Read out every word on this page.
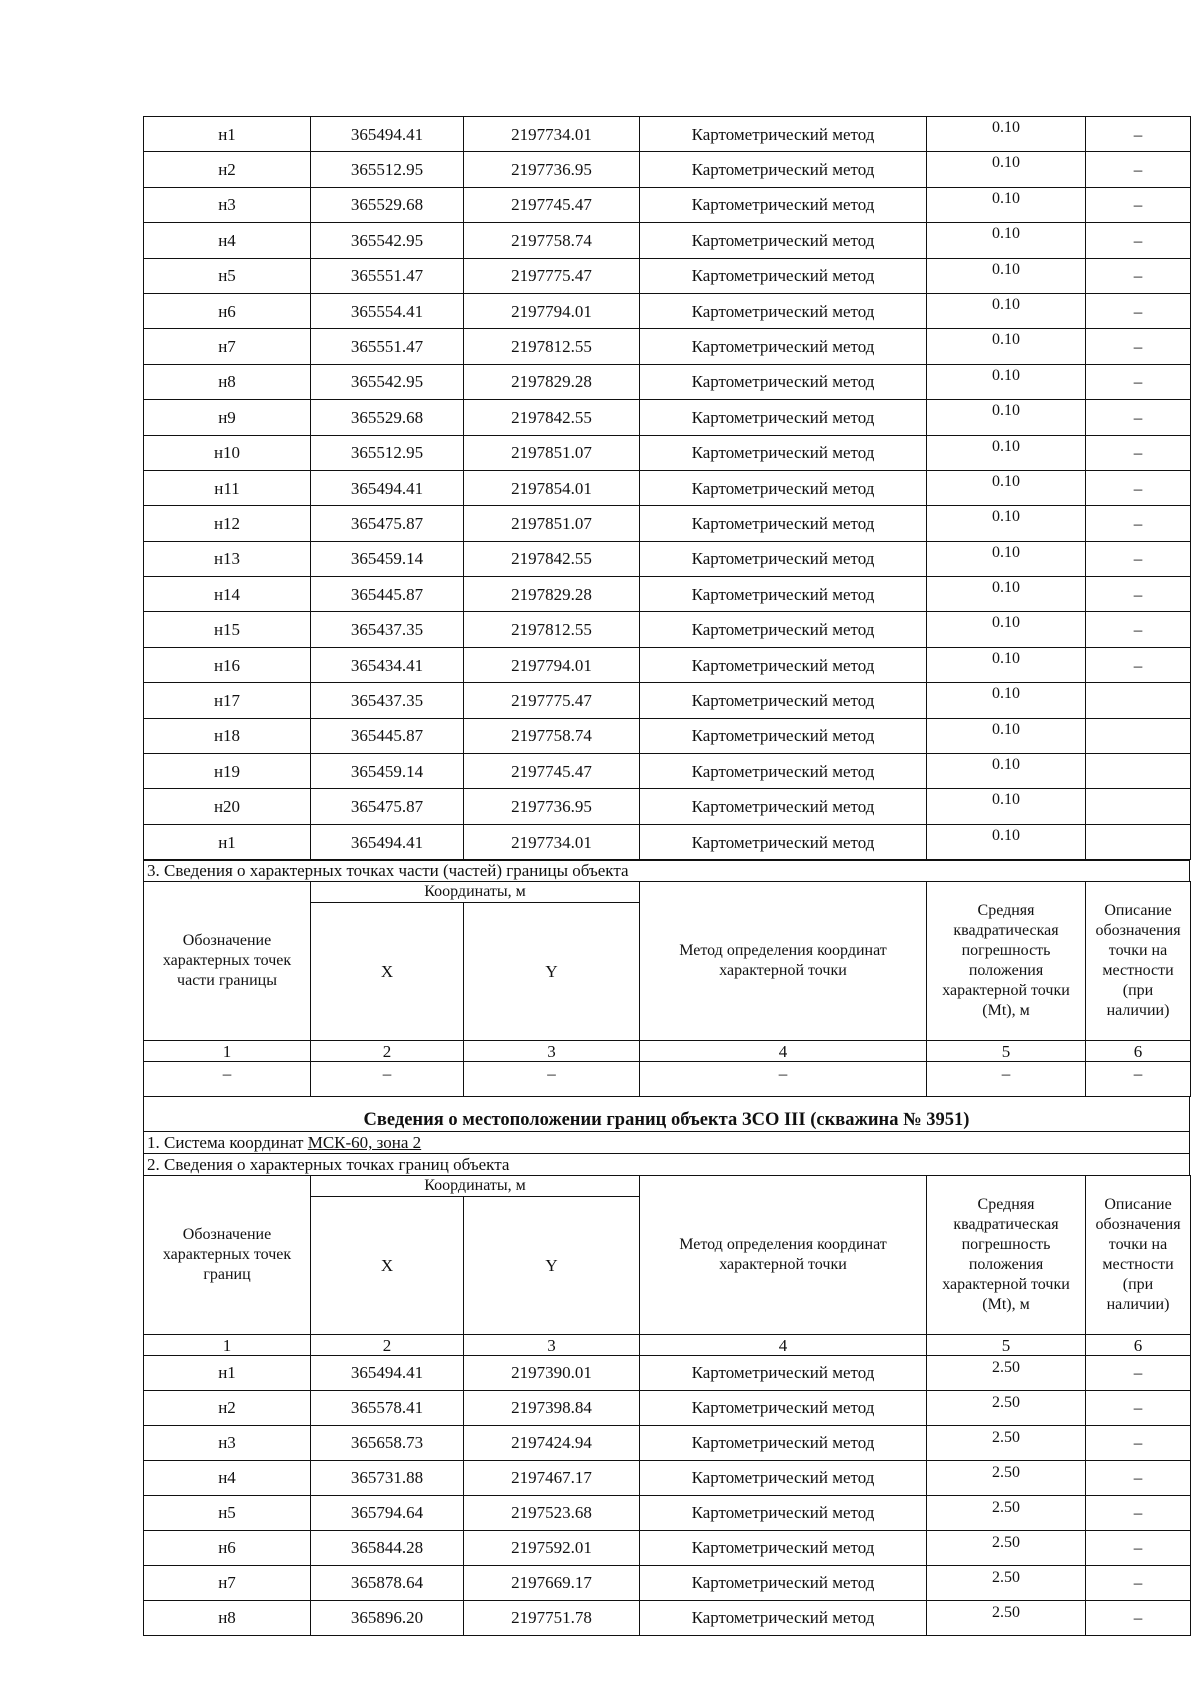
н1	365494.41	2197734.01	Картометрический метод	0.10	–
н2	365512.95	2197736.95	Картометрический метод	0.10	–
н3	365529.68	2197745.47	Картометрический метод	0.10	–
н4	365542.95	2197758.74	Картометрический метод	0.10	–
н5	365551.47	2197775.47	Картометрический метод	0.10	–
н6	365554.41	2197794.01	Картометрический метод	0.10	–
н7	365551.47	2197812.55	Картометрический метод	0.10	–
н8	365542.95	2197829.28	Картометрический метод	0.10	–
н9	365529.68	2197842.55	Картометрический метод	0.10	–
н10	365512.95	2197851.07	Картометрический метод	0.10	–
н11	365494.41	2197854.01	Картометрический метод	0.10	–
н12	365475.87	2197851.07	Картометрический метод	0.10	–
н13	365459.14	2197842.55	Картометрический метод	0.10	–
н14	365445.87	2197829.28	Картометрический метод	0.10	–
н15	365437.35	2197812.55	Картометрический метод	0.10	–
н16	365434.41	2197794.01	Картометрический метод	0.10	–
н17	365437.35	2197775.47	Картометрический метод	0.10	
н18	365445.87	2197758.74	Картометрический метод	0.10	
н19	365459.14	2197745.47	Картометрический метод	0.10	
н20	365475.87	2197736.95	Картометрический метод	0.10	
н1	365494.41	2197734.01	Картометрический метод	0.10	
3. Сведения о характерных точках части (частей) границы объекта
Обозначение характерных точек части границы	Координаты, м		Метод определения координат характерной точки	Средняя квадратическая погрешность положения характерной точки (Mt), м	Описание обозначения точки на местности (при наличии)
	X	Y			
1	2	3	4	5	6
–	–	–	–	–	–
Сведения о местоположении границ объекта ЗСО III (скважина № 3951)
1. Система координат МСК-60, зона 2
2. Сведения о характерных точках границ объекта
Обозначение характерных точек границ	Координаты, м		Метод определения координат характерной точки	Средняя квадратическая погрешность положения характерной точки (Mt), м	Описание обозначения точки на местности (при наличии)
	X	Y			
1	2	3	4	5	6
н1	365494.41	2197390.01	Картометрический метод	2.50	–
н2	365578.41	2197398.84	Картометрический метод	2.50	–
н3	365658.73	2197424.94	Картометрический метод	2.50	–
н4	365731.88	2197467.17	Картометрический метод	2.50	–
н5	365794.64	2197523.68	Картометрический метод	2.50	–
н6	365844.28	2197592.01	Картометрический метод	2.50	–
н7	365878.64	2197669.17	Картометрический метод	2.50	–
н8	365896.20	2197751.78	Картометрический метод	2.50	–
